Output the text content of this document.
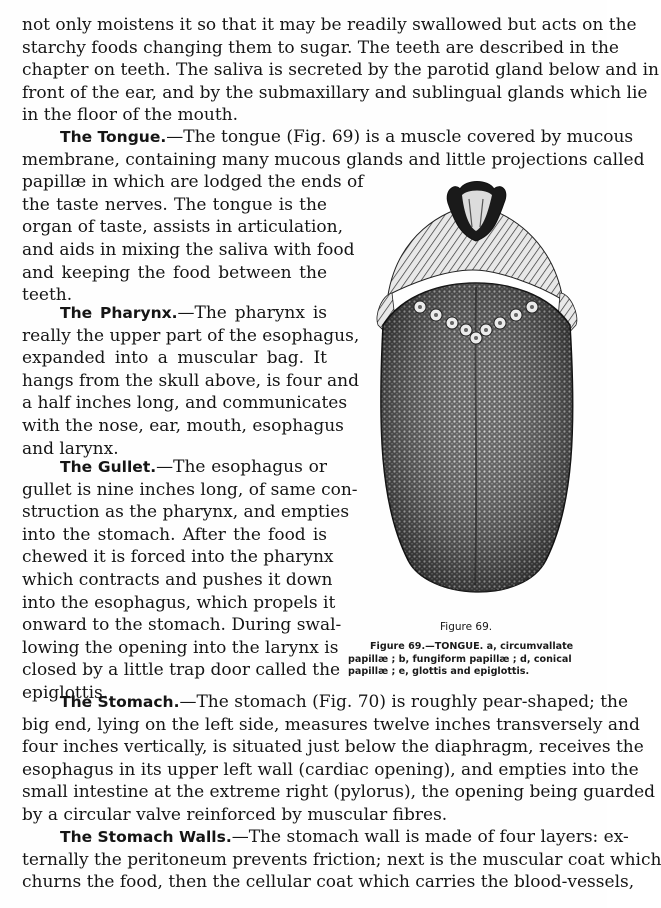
not only moistens it so that it may be readily swallowed but acts on the
starchy foods changing them to sugar. The teeth are described in the
chapter on teeth. The saliva is secreted by the parotid gland below and in
front of the ear, and by the submaxillary and sublingual glands which lie
in the floor of the mouth.
The Tongue.—The tongue (Fig. 69) is a muscle covered by mucous
membrane, containing many mucous glands and little projections called
papillæ in which are lodged the ends of
the taste nerves. The tongue is the
organ of taste, assists in articulation,
and aids in mixing the saliva with food
and keeping the food between the
teeth.
The Pharynx.—The pharynx is
really the upper part of the esophagus,
expanded into a muscular bag. It
hangs from the skull above, is four and
a half inches long, and communicates
with the nose, ear, mouth, esophagus
and larynx.
The Gullet.—The esophagus or
gullet is nine inches long, of same con-
struction as the pharynx, and empties
into the stomach. After the food is
chewed it is forced into the pharynx
which contracts and pushes it down
into the esophagus, which propels it
onward to the stomach. During swal-
lowing the opening into the larynx is
closed by a little trap door called the
epiglottis.
Figure 69.
Figure 69.—TONGUE. a, circumvallate
papillæ ; b, fungiform papillæ ; d, conical
papillæ ; e, glottis and epiglottis.
The Stomach.—The stomach (Fig. 70) is roughly pear-shaped; the
big end, lying on the left side, measures twelve inches transversely and
four inches vertically, is situated just below the diaphragm, receives the
esophagus in its upper left wall (cardiac opening), and empties into the
small intestine at the extreme right (pylorus), the opening being guarded
by a circular valve reinforced by muscular fibres.
The Stomach Walls.—The stomach wall is made of four layers: ex-
ternally the peritoneum prevents friction; next is the muscular coat which
churns the food, then the cellular coat which carries the blood-vessels,
